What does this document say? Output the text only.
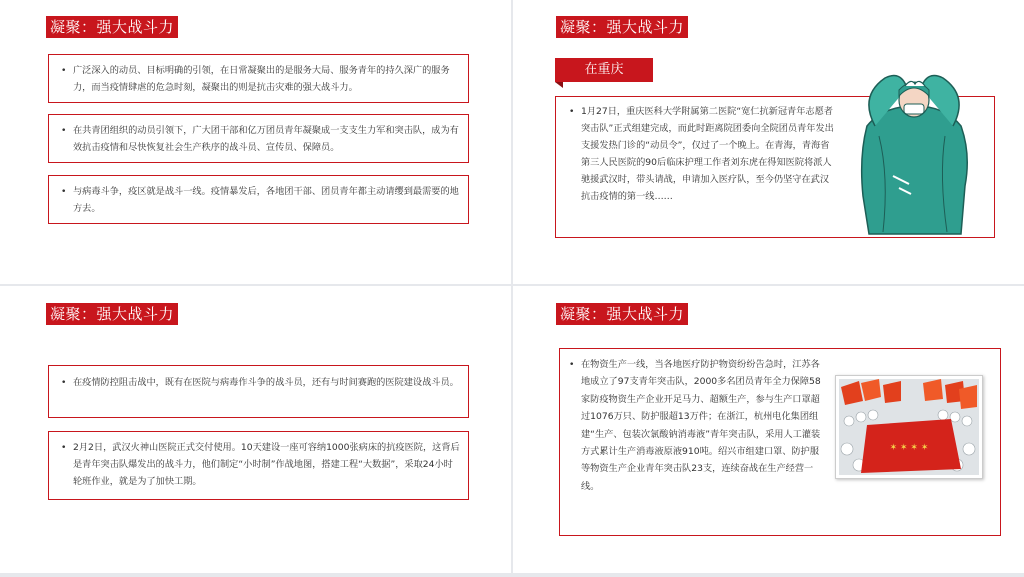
凝聚：强大战斗力
• 广泛深入的动员、目标明确的引领，在日常凝聚出的是服务大局、服务青年的持久深广的服务力，而当疫情肆虐的危急时刻，凝聚出的则是抗击灾难的强大战斗力。
• 在共青团组织的动员引领下，广大团干部和亿万团员青年凝聚成一支支生力军和突击队，成为有效抗击疫情和尽快恢复社会生产秩序的战斗员、宣传员、保障员。
• 与病毒斗争，疫区就是战斗一线。疫情暴发后，各地团干部、团员青年都主动请缨到最需要的地方去。
凝聚：强大战斗力
在重庆
• 1月27日，重庆医科大学附属第二医院“宽仁抗新冠青年志愿者突击队”正式组建完成，而此时距离院团委向全院团员青年发出支援发热门诊的“动员令”，仅过了一个晚上。在青海，青海省第三人民医院的90后临床护理工作者刘东虎在得知医院将派人驰援武汉时，带头请战，申请加入医疗队，至今仍坚守在武汉抗击疫情的第一线……
凝聚：强大战斗力
• 在疫情防控阻击战中，既有在医院与病毒作斗争的战斗员，还有与时间赛跑的医院建设战斗员。
• 2月2日，武汉火神山医院正式交付使用。10天建设一座可容纳1000张病床的抗疫医院，这背后是青年突击队爆发出的战斗力，他们制定“小时制”作战地图，搭建工程“大数据”，采取24小时轮班作业，就是为了加快工期。
凝聚：强大战斗力
• 在物资生产一线，当各地医疗防护物资纷纷告急时，江苏各地成立了97支青年突击队，2000多名团员青年全力保障58家防疫物资生产企业开足马力、超额生产，参与生产口罩超过1076万只、防护服超13万件；在浙江，杭州电化集团组建“生产、包装次氯酸钠消毒液”青年突击队，采用人工灌装方式累计生产消毒液原液910吨。绍兴市组建口罩、防护服等物资生产企业青年突击队23支，连续奋战在生产经营一线。
✶ ✶ ✶ ✶
